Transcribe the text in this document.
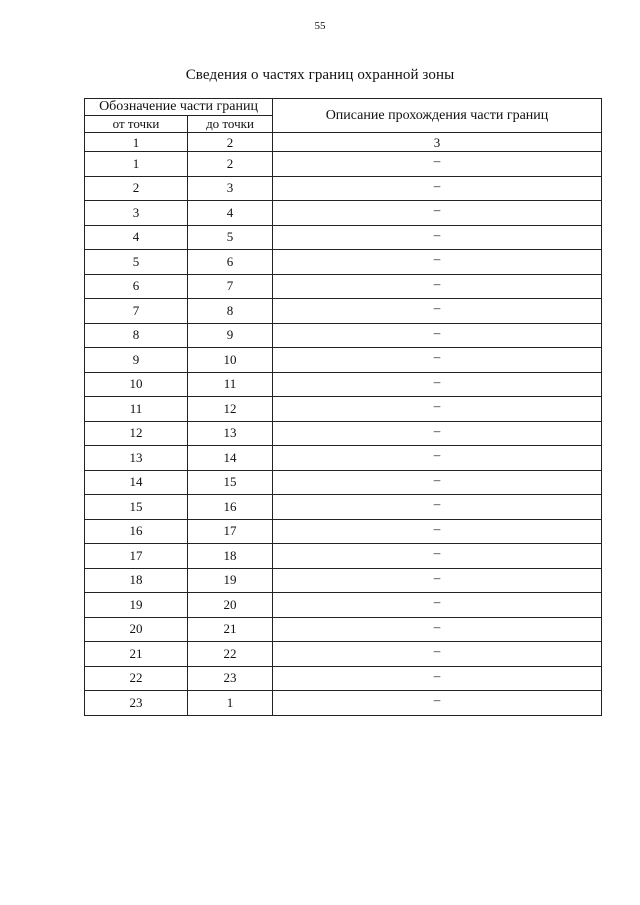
55
Сведения о частях границ охранной зоны
Обозначение части границ		Описание прохождения части границ
от точки	до точки	
1	2	3
1	2	–
2	3	–
3	4	–
4	5	–
5	6	–
6	7	–
7	8	–
8	9	–
9	10	–
10	11	–
11	12	–
12	13	–
13	14	–
14	15	–
15	16	–
16	17	–
17	18	–
18	19	–
19	20	–
20	21	–
21	22	–
22	23	–
23	1	–
